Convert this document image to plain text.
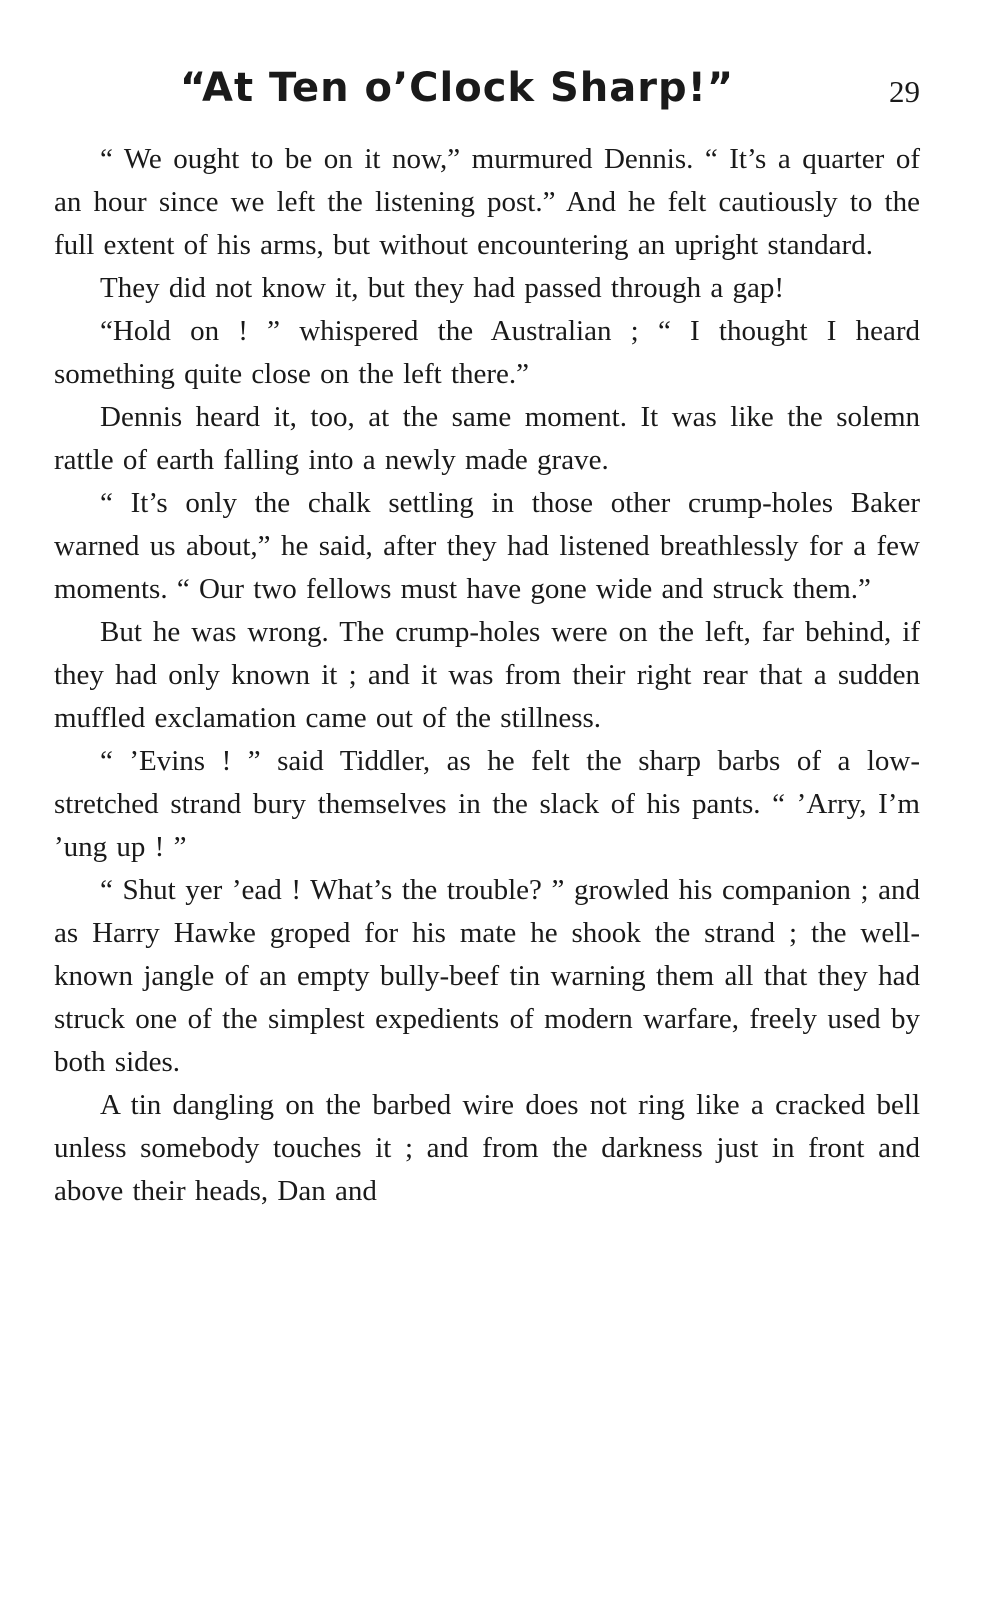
“At Ten o’Clock Sharp!”	29

“ We ought to be on it now,” murmured Dennis. “ It’s a quarter of an hour since we left the listening post.” And he felt cautiously to the full extent of his arms, but without encountering an upright standard.

They did not know it, but they had passed through a gap!

“Hold on ! ” whispered the Australian ; “ I thought I heard something quite close on the left there.”

Dennis heard it, too, at the same moment. It was like the solemn rattle of earth falling into a newly made grave.

“ It’s only the chalk settling in those other crump-holes Baker warned us about,” he said, after they had listened breathlessly for a few moments. “ Our two fellows must have gone wide and struck them.”

But he was wrong. The crump-holes were on the left, far behind, if they had only known it ; and it was from their right rear that a sudden muffled exclamation came out of the stillness.

“ ’Evins ! ” said Tiddler, as he felt the sharp barbs of a low-stretched strand bury themselves in the slack of his pants. “ ’Arry, I’m ’ung up ! ”

“ Shut yer ’ead ! What’s the trouble? ” growled his companion ; and as Harry Hawke groped for his mate he shook the strand ; the well-known jangle of an empty bully-beef tin warning them all that they had struck one of the simplest expedients of modern warfare, freely used by both sides.

A tin dangling on the barbed wire does not ring like a cracked bell unless somebody touches it ; and from the darkness just in front and above their heads, Dan and
